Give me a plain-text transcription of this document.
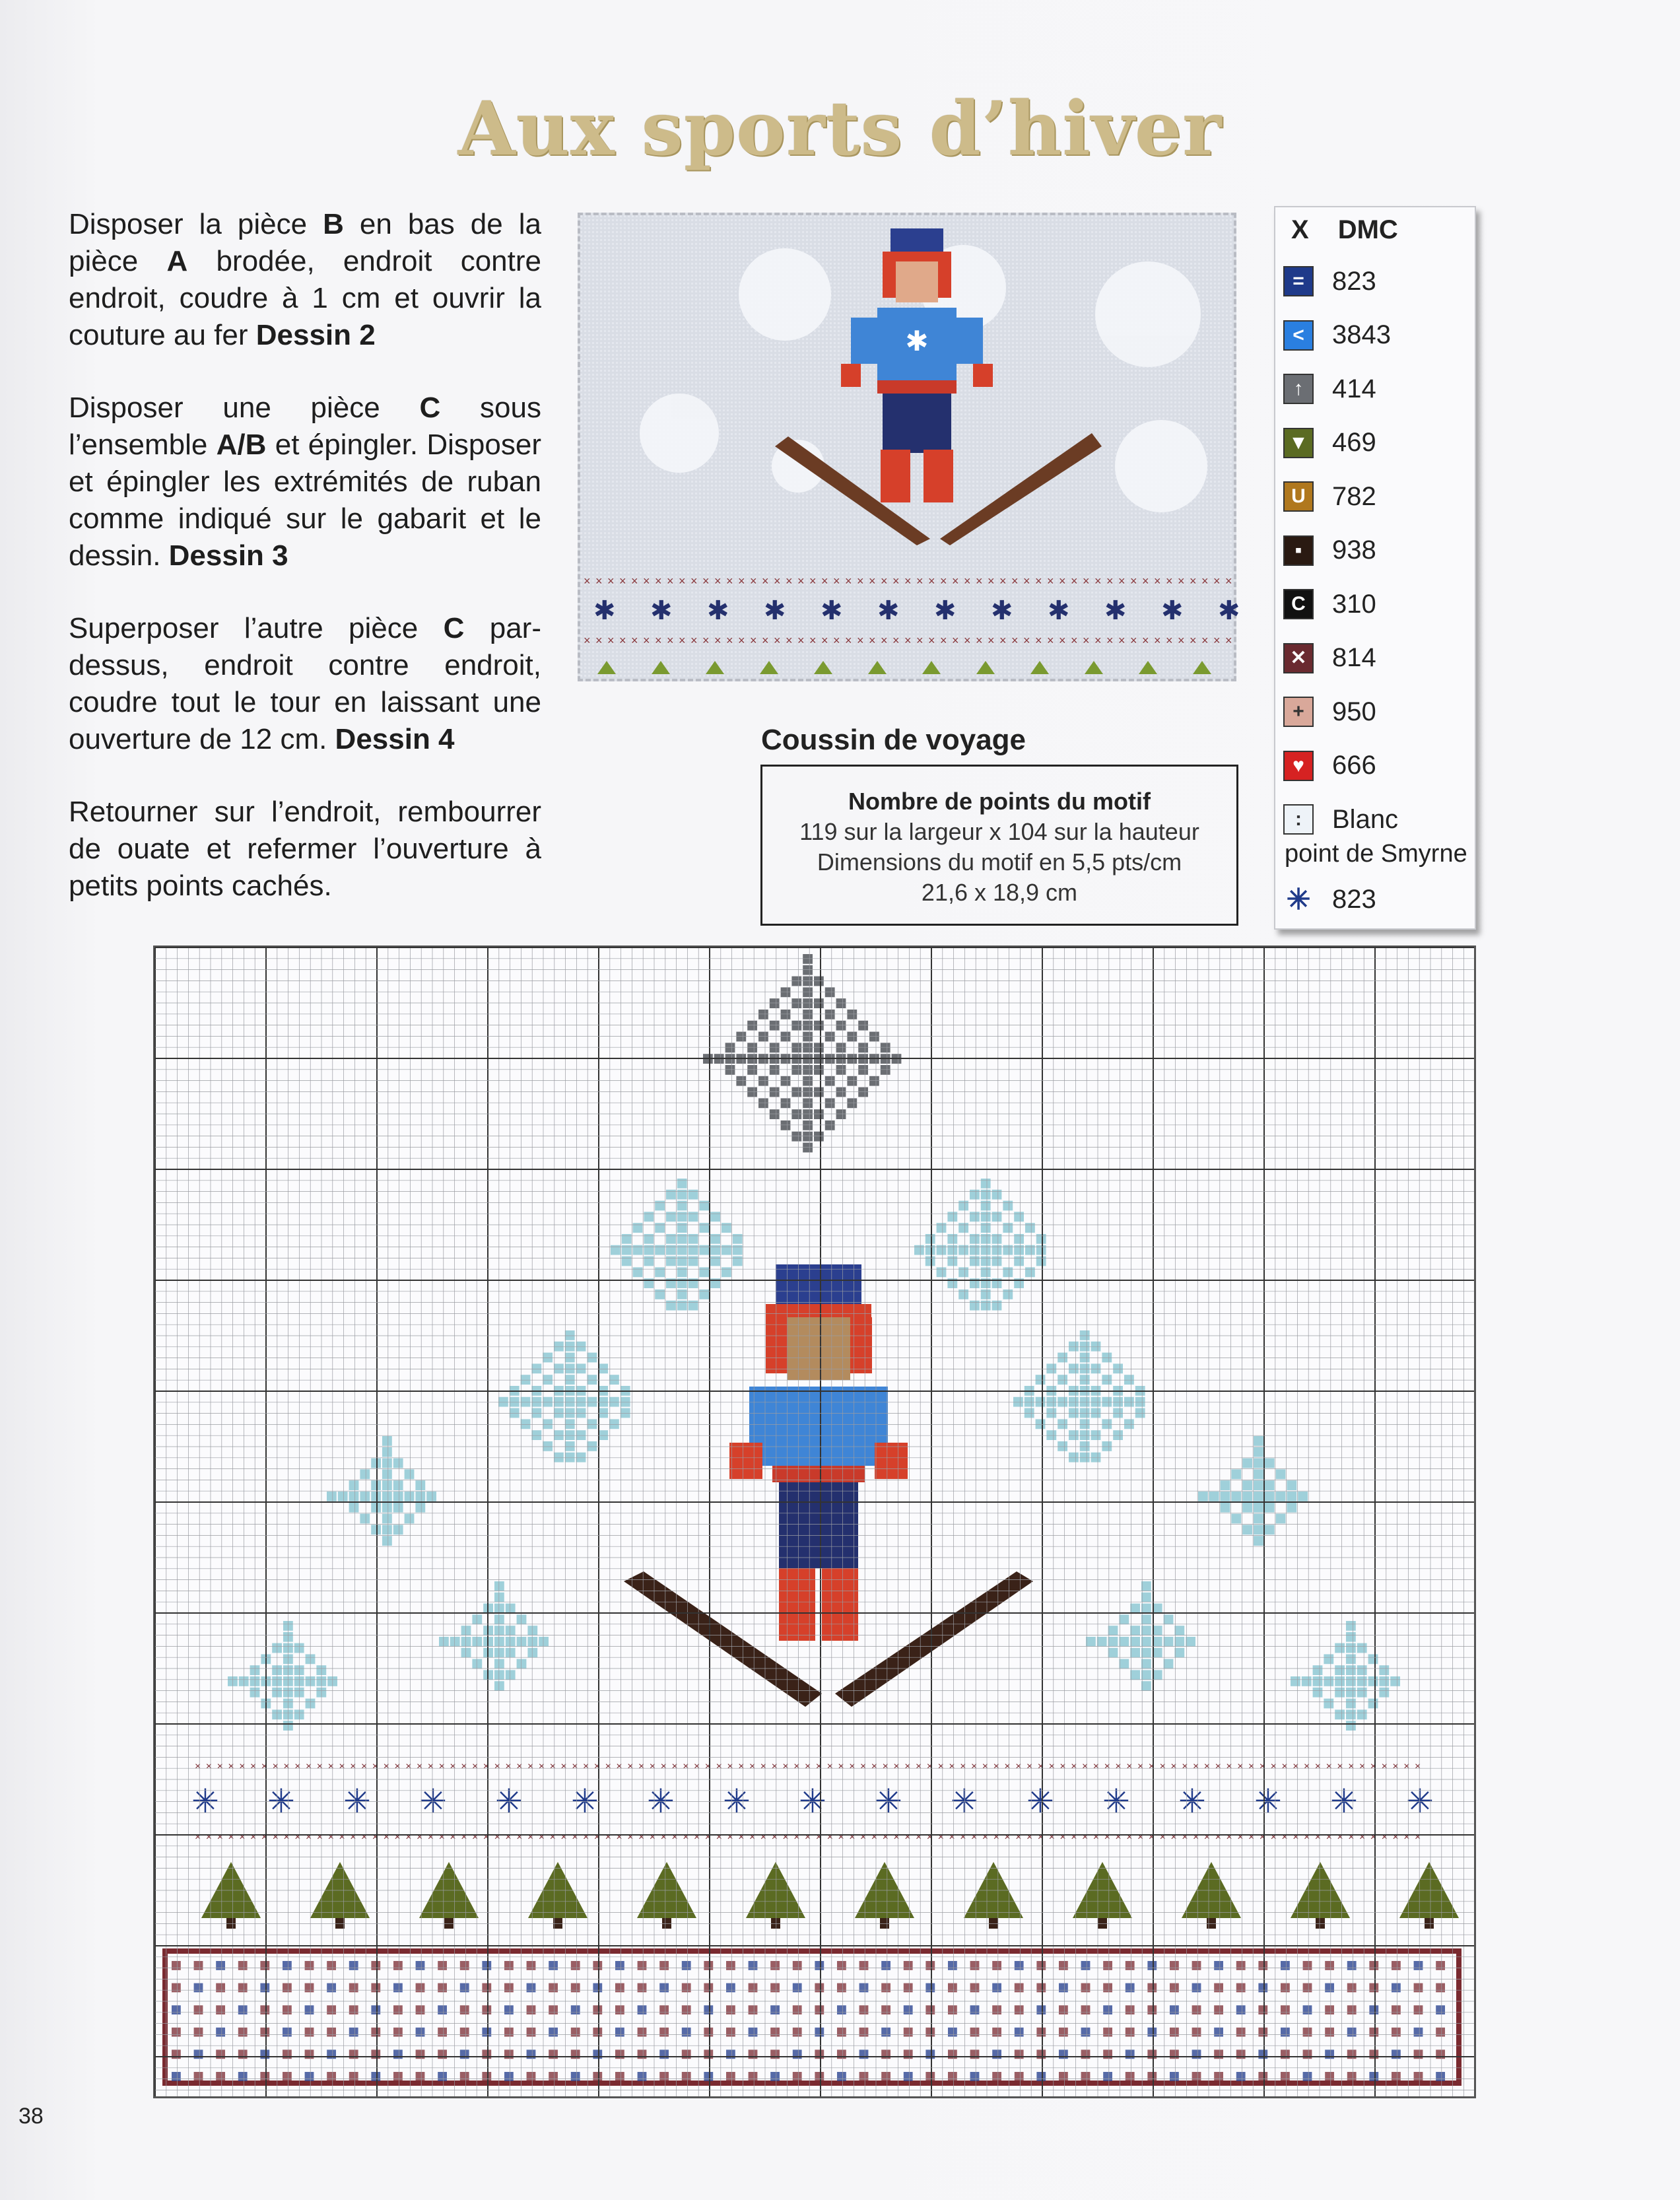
Aux sports d’hiver

Disposer la pièce B en bas de la pièce A brodée, endroit contre endroit, coudre à 1 cm et ouvrir la couture au fer Dessin 2

Disposer une pièce C sous l’ensemble A/B et épingler. Disposer et épingler les extrémités de ruban comme indiqué sur le gabarit et le dessin. Dessin 3

Superposer l’autre pièce C par-dessus, endroit contre endroit, coudre tout le tour en laissant une ouverture de 12 cm. Dessin 4

Retourner sur l’endroit, rembourrer de ouate et refermer l’ouverture à petits points cachés.

✱
×
×
×
×
×
×
×
×
×
×
×
×
×
×
×
×
×
×
×
×
×
×
×
×
×
×
×
×
×
×
×
×
×
×
×
×
×
×
×
×
×
×
×
×
×
×
×
×
×
×
×
×
×
×
×
×
×
×
×
×
×
×
×
×
×
×
×
×
×
×
×
×
×
×
×
×
×
×
×
×
×
×
×
×
×
×
×
×
×
×
×
×
×
×
×
×
×
×
×
×
×
×
×
×
×
×
×
×
×
×
✱ ✱ ✱ ✱ ✱ ✱ ✱ ✱ ✱ ✱ ✱ ✱
X DMC
=	823
<	3843
↑	414
▼ 469
U	782
▪	938
C	310
✕ 814
+	950
♥	666
:	Blanc
point de Smyrne
✳ 823
Coussin de voyage
Nombre de points du motif
119 sur la largeur x 104 sur la hauteur
Dimensions du motif en 5,5 pts/cm
21,6 x 18,9 cm
× × × × × × × × × × × × × × × × × × × × × × × × × × × × × × × × × × × × × × × × × × × × × × × × × × × × × × × × × × × × × × × × × × × × × × × × × × × × × × × × × × × × × × × × × × × × × × × × × × × × × × × × × × × × × × ×
× × × × × × × × × × × × × × × × × × × × × × × × × × × × × × × × × × × × × × × × × × × × × × × × × × × × × × × × × × × × × × × × × × × × × × × × × × × × × × × × × × × × × × × × × × × × × × × × × × × × × × × × × × × × × × ×
✳ ✳ ✳ ✳ ✳ ✳ ✳ ✳ ✳ ✳ ✳ ✳ ✳ ✳ ✳ ✳ ✳
38
